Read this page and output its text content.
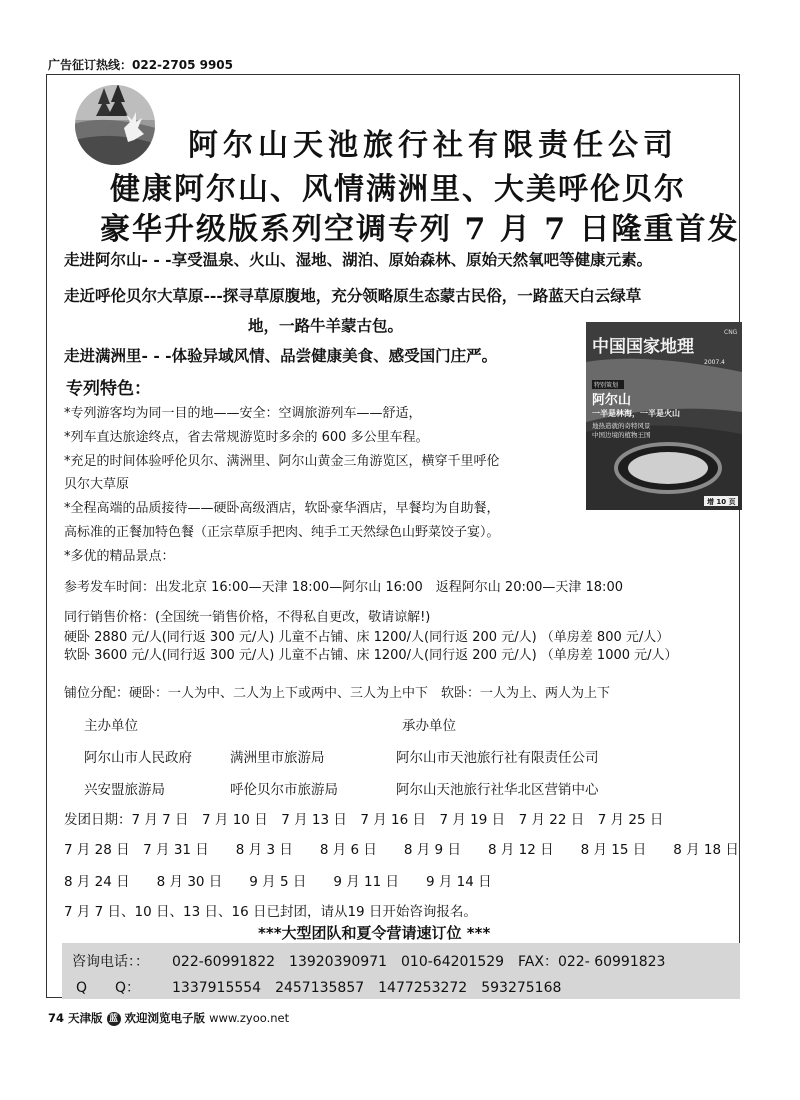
广告征订热线：022-2705 9905
阿尔山天池旅行社有限责任公司
健康阿尔山、风情满洲里、大美呼伦贝尔
豪华升级版系列空调专列 7 月 7 日隆重首发
走进阿尔山- - -享受温泉、火山、湿地、湖泊、原始森林、原始天然氧吧等健康元素。
走近呼伦贝尔大草原---探寻草原腹地，充分领略原生态蒙古民俗，一路蓝天白云绿草
地，一路牛羊蒙古包。
走进满洲里- - -体验异域风情、品尝健康美食、感受国门庄严。
专列特色：
*专列游客均为同一目的地——安全：空调旅游列车——舒适，
*列车直达旅途终点，省去常规游览时多余的 600 多公里车程。
*充足的时间体验呼伦贝尔、满洲里、阿尔山黄金三角游览区，横穿千里呼伦
贝尔大草原
*全程高端的品质接待——硬卧高级酒店，软卧豪华酒店，早餐均为自助餐，
高标准的正餐加特色餐（正宗草原手把肉、纯手工天然绿色山野菜饺子宴）。
*多优的精品景点：
CNG
中国国家地理
2007.4
特别策划
阿尔山
一半是林海，一半是火山
地热造就的奇特风景
中国边境的植物王国
增 10 页
参考发车时间：出发北京 16:00—天津 18:00—阿尔山 16:00　返程阿尔山 20:00—天津 18:00
同行销售价格：(全国统一销售价格，不得私自更改，敬请谅解!)
硬卧 2880 元/人(同行返 300 元/人) 儿童不占铺、床 1200/人(同行返 200 元/人) （单房差 800 元/人）
软卧 3600 元/人(同行返 300 元/人) 儿童不占铺、床 1200/人(同行返 200 元/人) （单房差 1000 元/人）
铺位分配：硬卧：一人为中、二人为上下或两中、三人为上中下　软卧：一人为上、两人为上下
主办单位	承办单位
阿尔山市人民政府	满洲里市旅游局	阿尔山市天池旅行社有限责任公司
兴安盟旅游局	呼伦贝尔市旅游局	阿尔山天池旅行社华北区营销中心
发团日期：7 月 7 日　7 月 10 日　7 月 13 日　7 月 16 日　7 月 19 日　7 月 22 日　7 月 25 日
7 月 28 日　7 月 31 日　　8 月 3 日　　8 月 6 日　　8 月 9 日　　8 月 12 日　　8 月 15 日　　8 月 18 日
8 月 24 日　　8 月 30 日　　9 月 5 日　　9 月 11 日　　9 月 14 日
7 月 7 日、10 日、13 日、16 日已封团，请从19 日开始咨询报名。
***大型团队和夏令营请速订位 ***
咨询电话：： 022-60991822　13920390971　010-64201529　FAX：022- 60991823
Q　　Q： 1337915554　2457135857　1477253272　593275168
74 天津版 蓝 欢迎浏览电子版 www.zyoo.net
